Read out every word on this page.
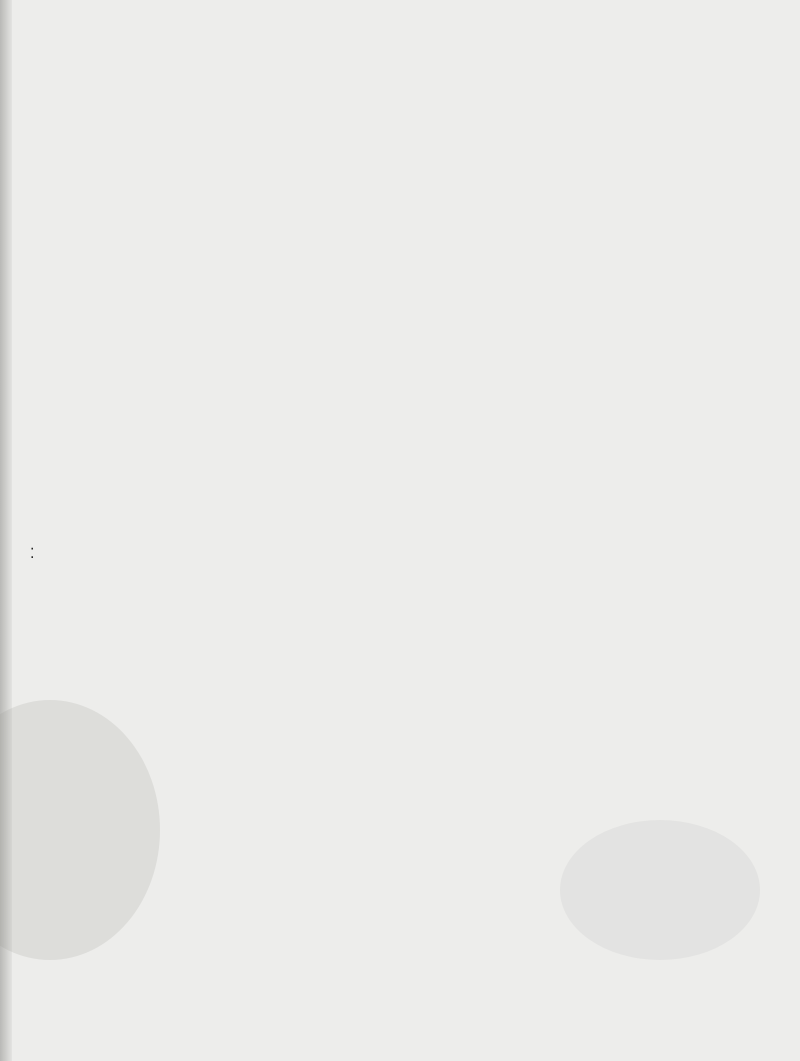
⁚
